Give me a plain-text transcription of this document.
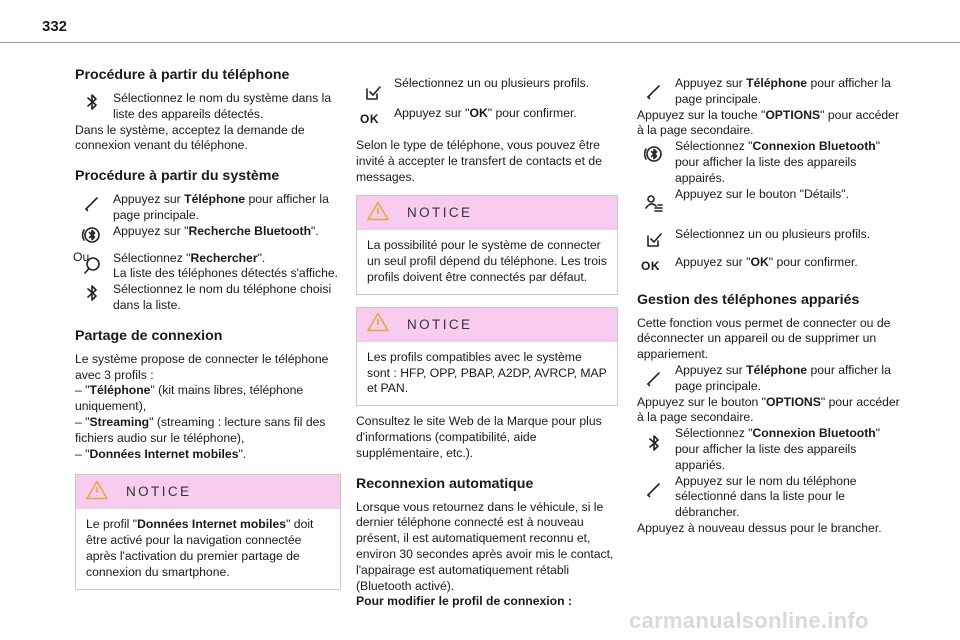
332
Procédure à partir du téléphone

Sélectionnez le nom du système dans la liste des appareils détectés.

Dans le système, acceptez la demande de connexion venant du téléphone.

Procédure à partir du système

Appuyez sur Téléphone pour afficher la page principale.

Appuyez sur "Recherche Bluetooth".

Ou	Sélectionnez "Rechercher".

La liste des téléphones détectés s'affiche.

Sélectionnez le nom du téléphone choisi dans la liste.

Partage de connexion

Le système propose de connecter le téléphone avec 3 profils :

– "Téléphone" (kit mains libres, téléphone uniquement),

– "Streaming" (streaming : lecture sans fil des fichiers audio sur le téléphone),

– "Données Internet mobiles".

NOTICE

Le profil "Données Internet mobiles" doit être activé pour la navigation connectée après l'activation du premier partage de connexion du smartphone.

Sélectionnez un ou plusieurs profils.

OK Appuyez sur "OK" pour confirmer.

Selon le type de téléphone, vous pouvez être invité à accepter le transfert de contacts et de messages.

NOTICE

La possibilité pour le système de connecter un seul profil dépend du téléphone. Les trois profils doivent être connectés par défaut.

NOTICE

Les profils compatibles avec le système sont : HFP, OPP, PBAP, A2DP, AVRCP, MAP et PAN.

Consultez le site Web de la Marque pour plus d'informations (compatibilité, aide supplémentaire, etc.).

Reconnexion automatique

Lorsque vous retournez dans le véhicule, si le dernier téléphone connecté est à nouveau présent, il est automatiquement reconnu et, environ 30 secondes après avoir mis le contact, l'appairage est automatiquement rétabli (Bluetooth activé).

Pour modifier le profil de connexion :

Appuyez sur Téléphone pour afficher la page principale.

Appuyez sur la touche "OPTIONS" pour accéder à la page secondaire.

Sélectionnez "Connexion Bluetooth" pour afficher la liste des appareils appairés.

Appuyez sur le bouton "Détails".

Sélectionnez un ou plusieurs profils.

OK Appuyez sur "OK" pour confirmer.

Gestion des téléphones appariés

Cette fonction vous permet de connecter ou de déconnecter un appareil ou de supprimer un appariement.

Appuyez sur Téléphone pour afficher la page principale.

Appuyez sur le bouton "OPTIONS" pour accéder à la page secondaire.

Sélectionnez "Connexion Bluetooth" pour afficher la liste des appareils appariés.

Appuyez sur le nom du téléphone sélectionné dans la liste pour le débrancher.

Appuyez à nouveau dessus pour le brancher.

carmanualsonline.info
